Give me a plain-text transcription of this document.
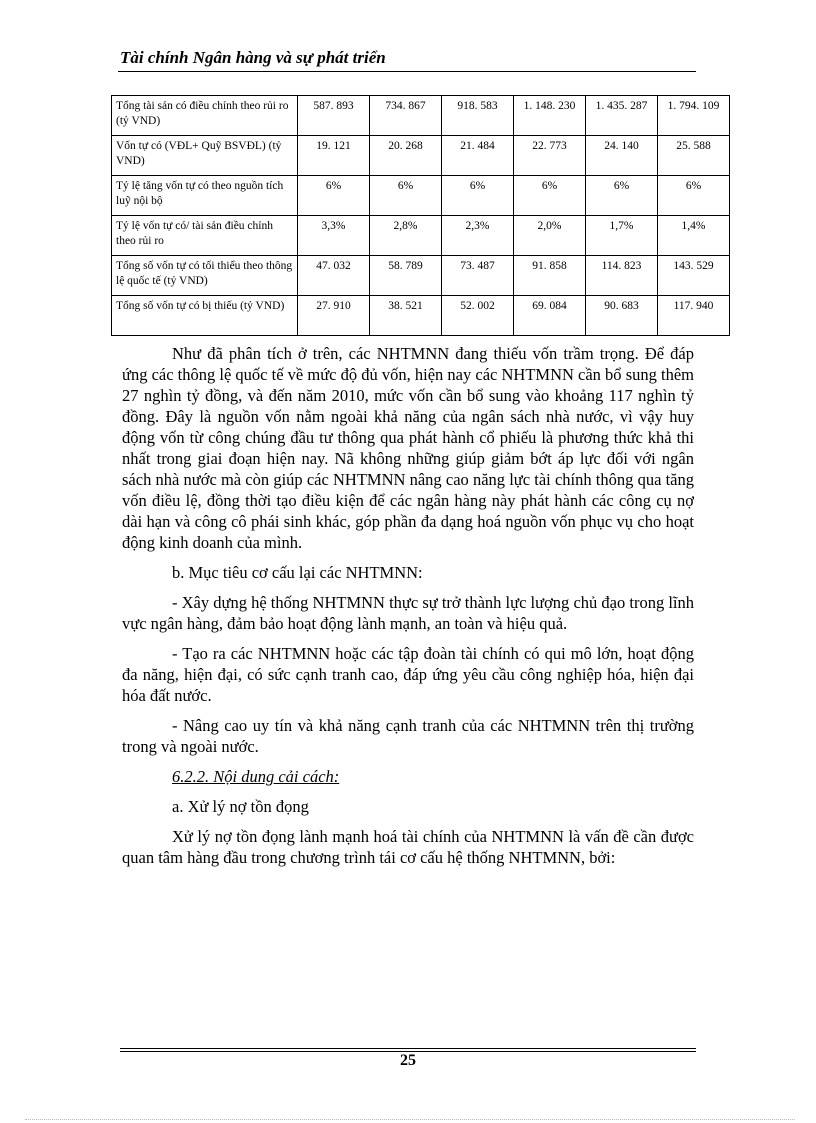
Tài chính Ngân hàng và sự phát triển
Tổng tài sản có điều chỉnh theo rủi ro (tỷ VND)	587. 893	734. 867	918. 583	1. 148. 230	1. 435. 287	1. 794. 109
Vốn tự có (VĐL+ Quỹ BSVĐL) (tỷ VND)	19. 121	20. 268	21. 484	22. 773	24. 140	25. 588
Tỷ lệ tăng vốn tự có theo nguồn tích luỹ nội bộ	6%	6%	6%	6%	6%	6%
Tỷ lệ vốn tự có/ tài sản điều chỉnh theo rủi ro	3,3%	2,8%	2,3%	2,0%	1,7%	1,4%
Tổng số vốn tự có tối thiểu theo thông lệ quốc tế (tỷ VND)	47. 032	58. 789	73. 487	91. 858	114. 823	143. 529
Tổng số vốn tự có bị thiếu (tỷ VND)	27. 910	38. 521	52. 002	69. 084	90. 683	117. 940

Như đã phân tích ở trên, các NHTMNN đang thiếu vốn trầm trọng. Để đáp ứng các thông lệ quốc tế về mức độ đủ vốn, hiện nay các NHTMNN cần bổ sung thêm 27 nghìn tỷ đồng, và đến năm 2010, mức vốn cần bổ sung vào khoảng 117 nghìn tỷ đồng. Đây là nguồn vốn nằm ngoài khả năng của ngân sách nhà nước, vì vậy huy động vốn từ công chúng đầu tư thông qua phát hành cổ phiếu là phương thức khả thi nhất trong giai đoạn hiện nay. Nã không những giúp giảm bớt áp lực đối với ngân sách nhà nước mà còn giúp các NHTMNN nâng cao năng lực tài chính thông qua tăng vốn điều lệ, đồng thời tạo điều kiện để các ngân hàng này phát hành các công cụ nợ dài hạn và công cô phái sinh khác, góp phần đa dạng hoá nguồn vốn phục vụ cho hoạt động kinh doanh của mình.

b. Mục tiêu cơ cấu lại các NHTMNN:

- Xây dựng hệ thống NHTMNN thực sự trở thành lực lượng chủ đạo trong lĩnh vực ngân hàng, đảm bảo hoạt động lành mạnh, an toàn và hiệu quả.

- Tạo ra các NHTMNN hoặc các tập đoàn tài chính có qui mô lớn, hoạt động đa năng, hiện đại, có sức cạnh tranh cao, đáp ứng yêu cầu công nghiệp hóa, hiện đại hóa đất nước.

- Nâng cao uy tín và khả năng cạnh tranh của các NHTMNN trên thị trường trong và ngoài nước.

6.2.2. Nội dung cải cách:

a. Xử lý nợ tồn đọng

Xử lý nợ tồn đọng lành mạnh hoá tài chính của NHTMNN là vấn đề cần được quan tâm hàng đầu trong chương trình tái cơ cấu hệ thống NHTMNN, bởi:

25
